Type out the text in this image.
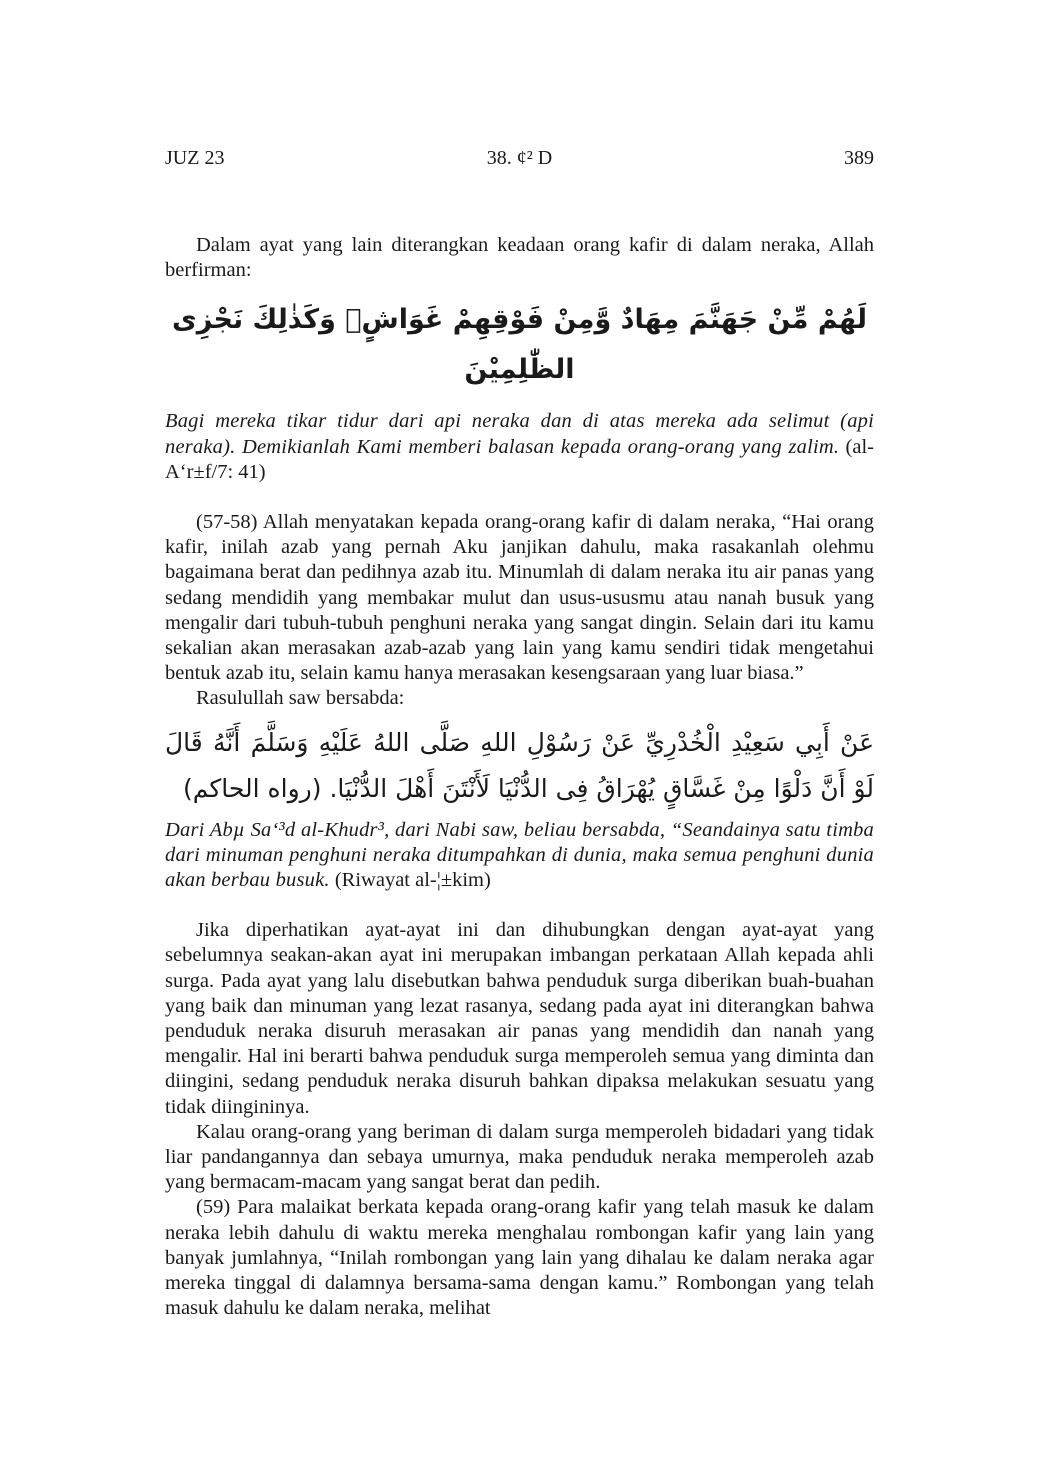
JUZ 23	38. ¢² D	389

Dalam ayat yang lain diterangkan keadaan orang kafir di dalam neraka, Allah berfirman:

لَهُمْ مِّنْ جَهَنَّمَ مِهَادٌ وَّمِنْ فَوْقِهِمْ غَوَاشٍۗ وَكَذٰلِكَ نَجْزِى الظّٰلِمِيْنَ

Bagi mereka tikar tidur dari api neraka dan di atas mereka ada selimut (api neraka). Demikianlah Kami memberi balasan kepada orang-orang yang zalim. (al-A‘r±f/7: 41)

(57-58) Allah menyatakan kepada orang-orang kafir di dalam neraka, “Hai orang kafir, inilah azab yang pernah Aku janjikan dahulu, maka rasakanlah olehmu bagaimana berat dan pedihnya azab itu. Minumlah di dalam neraka itu air panas yang sedang mendidih yang membakar mulut dan usus-ususmu atau nanah busuk yang mengalir dari tubuh-tubuh penghuni neraka yang sangat dingin. Selain dari itu kamu sekalian akan merasakan azab-azab yang lain yang kamu sendiri tidak mengetahui bentuk azab itu, selain kamu hanya merasakan kesengsaraan yang luar biasa.”

Rasulullah saw bersabda:

عَنْ أَبِي سَعِيْدِ الْخُدْرِيِّ عَنْ رَسُوْلِ اللهِ صَلَّى اللهُ عَلَيْهِ وَسَلَّمَ أَنَّهُ قَالَ لَوْ أَنَّ دَلْوًا مِنْ غَسَّاقٍ يُهْرَاقُ فِى الدُّنْيَا لَأَنْتَنَ أَهْلَ الدُّنْيَا. (رواه الحاكم)

Dari Abµ Sa‘³d al-Khudr³, dari Nabi saw, beliau bersabda, “Seandainya satu timba dari minuman penghuni neraka ditumpahkan di dunia, maka semua penghuni dunia akan berbau busuk. (Riwayat al-¦±kim)

Jika diperhatikan ayat-ayat ini dan dihubungkan dengan ayat-ayat yang sebelumnya seakan-akan ayat ini merupakan imbangan perkataan Allah kepada ahli surga. Pada ayat yang lalu disebutkan bahwa penduduk surga diberikan buah-buahan yang baik dan minuman yang lezat rasanya, sedang pada ayat ini diterangkan bahwa penduduk neraka disuruh merasakan air panas yang mendidih dan nanah yang mengalir. Hal ini berarti bahwa penduduk surga memperoleh semua yang diminta dan diingini, sedang penduduk neraka disuruh bahkan dipaksa melakukan sesuatu yang tidak diingininya.

Kalau orang-orang yang beriman di dalam surga memperoleh bidadari yang tidak liar pandangannya dan sebaya umurnya, maka penduduk neraka memperoleh azab yang bermacam-macam yang sangat berat dan pedih.

(59) Para malaikat berkata kepada orang-orang kafir yang telah masuk ke dalam neraka lebih dahulu di waktu mereka menghalau rombongan kafir yang lain yang banyak jumlahnya, “Inilah rombongan yang lain yang dihalau ke dalam neraka agar mereka tinggal di dalamnya bersama-sama dengan kamu.” Rombongan yang telah masuk dahulu ke dalam neraka, melihat
